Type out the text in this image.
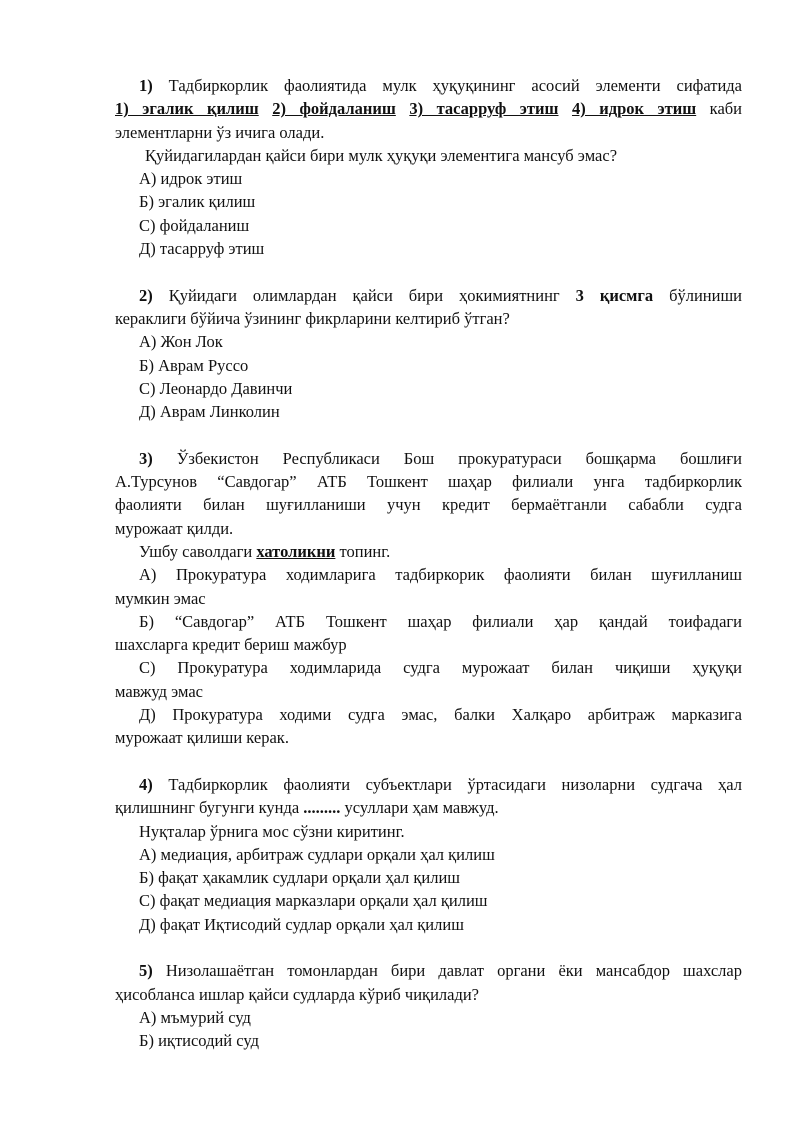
1) Тадбиркорлик фаолиятида мулк ҳуқуқининг асосий элементи сифатида

1) эгалик қилиш 2) фойдаланиш 3) тасарруф этиш 4) идрок этиш каби

элементларни ўз ичига олади.

Қуйидагилардан қайси бири мулк ҳуқуқи элементига мансуб эмас?

А) идрок этиш

Б) эгалик қилиш

С) фойдаланиш

Д) тасарруф этиш

2) Қуйидаги олимлардан қайси бири ҳокимиятнинг 3 қисмга бўлиниши

кераклиги бўйича ўзининг фикрларини келтириб ўтган?

А) Жон Лок

Б) Аврам Руссо

С) Леонардо Давинчи

Д) Аврам Линколин

3) Ўзбекистон Республикаси Бош прокуратураси бошқарма бошлиғи

А.Турсунов “Савдогар” АТБ Тошкент шаҳар филиали унга тадбиркорлик

фаолияти билан шуғилланиши учун кредит бермаётганли сабабли судга

мурожаат қилди.

Ушбу саволдаги хатоликни топинг.

А) Прокуратура ходимларига тадбиркорик фаолияти билан шуғилланиш

мумкин эмас

Б) “Савдогар” АТБ Тошкент шаҳар филиали ҳар қандай тоифадаги

шахсларга кредит бериш мажбур

С) Прокуратура ходимларида судга мурожаат билан чиқиши ҳуқуқи

мавжуд эмас

Д) Прокуратура ходими судга эмас, балки Халқаро арбитраж марказига

мурожаат қилиши керак.

4) Тадбиркорлик фаолияти субъектлари ўртасидаги низоларни судгача ҳал

қилишнинг бугунги кунда ......... усуллари ҳам мавжуд.

Нуқталар ўрнига мос сўзни киритинг.

А) медиация, арбитраж судлари орқали ҳал қилиш

Б) фақат ҳакамлик судлари орқали ҳал қилиш

С) фақат медиация марказлари орқали ҳал қилиш

Д) фақат Иқтисодий судлар орқали ҳал қилиш

5) Низолашаётган томонлардан бири давлат органи ёки мансабдор шахслар

ҳисобланса ишлар қайси судларда кўриб чиқилади?

А) мъмурий суд

Б) иқтисодий суд
